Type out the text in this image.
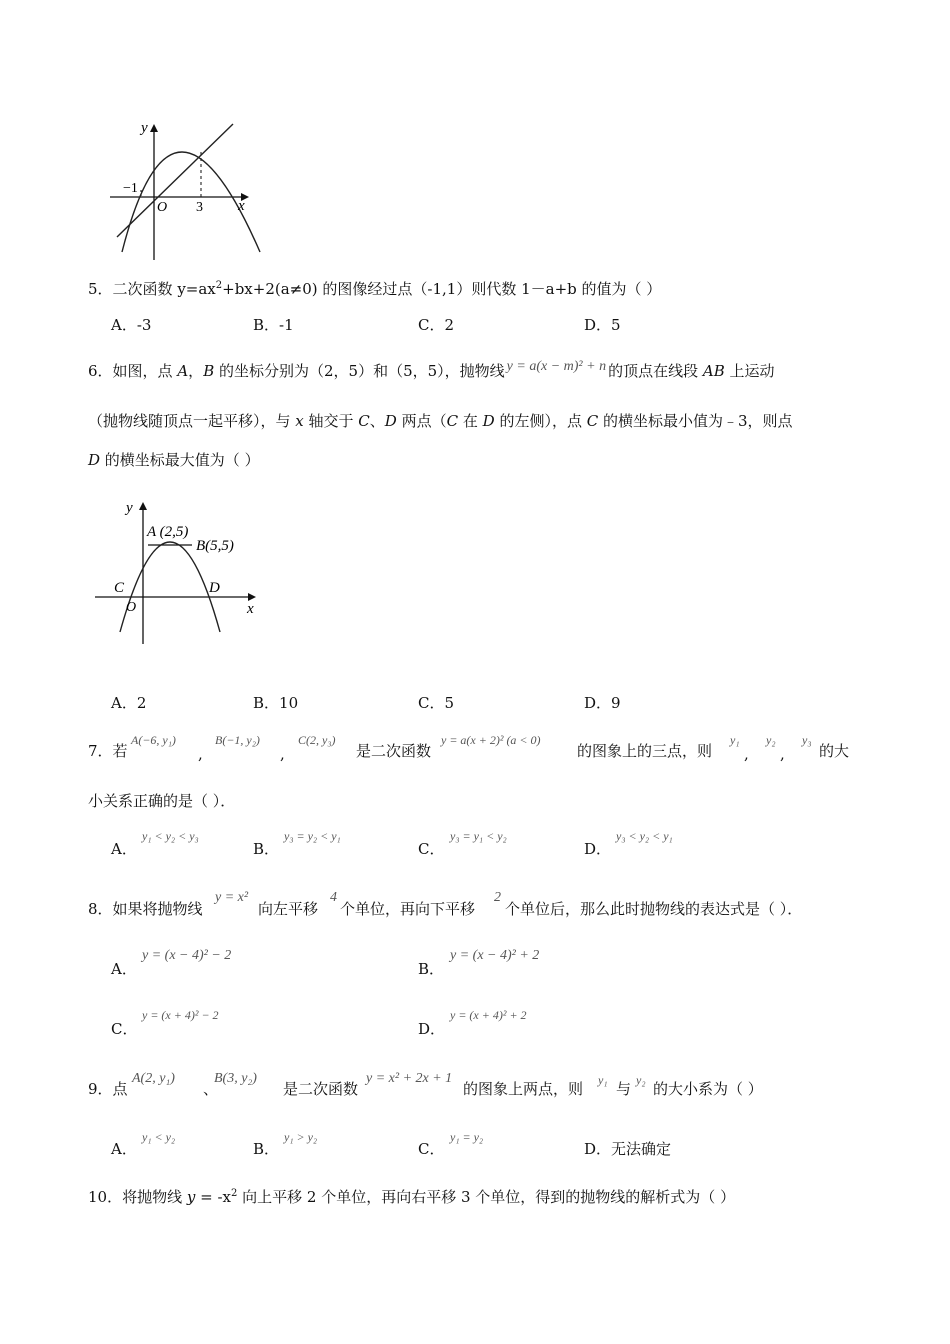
y
x
−1
O 3
5．二次函数 $y=ax^2+bx+2(a\ne 0)$ 的图像经过点（-1,1）则代数 1－a+b 的值为（ ）
A．-3	B．-1	C．2	D．5
6．如图，点 A，B 的坐标分别为（2，5）和（5，5），抛物线 y = a(x − m)² + n 的顶点在线段 AB 上运动
（抛物线随顶点一起平移），与 x 轴交于 C、D 两点（C 在 D 的左侧），点 C 的横坐标最小值为﹣3，则点
D 的横坐标最大值为（ ）
y
x
A (2,5)
B(5,5)
C	D
O
A．2	B．10	C．5	D．9
7．若
A(−6, y₁)
,
B(−1, y₂)
,
C(2, y₃)
是二次函数
y = a(x + 2)² (a < 0)
的图象上的三点，则
y₁
,
y₂
,
y₃
的大
小关系正确的是（ ）．
A．
y₁ < y₂ < y₃
B．
y₃ = y₂ < y₁
C．
y₃ = y₁ < y₂
D．
y₃ < y₂ < y₁
8．如果将抛物线
y = x²
向左平移
4
个单位，再向下平移
2
个单位后，那么此时抛物线的表达式是（ ）．
A．
y = (x − 4)² − 2
B．
y = (x − 4)² + 2
C．
y = (x + 4)² − 2
D．
y = (x + 4)² + 2
9．点
A(2, y₁)
、
B(3, y₂)
是二次函数
y = x² + 2x + 1
的图象上两点，则 y₁ 与 y₂ 的大小系为（ ）
A．
y₁ < y₂
B．
y₁ > y₂
C．
y₁ = y₂
D．无法确定
10．将抛物线 $y = -x^2$ 向上平移 2 个单位，再向右平移 3 个单位，得到的抛物线的解析式为（ ）
